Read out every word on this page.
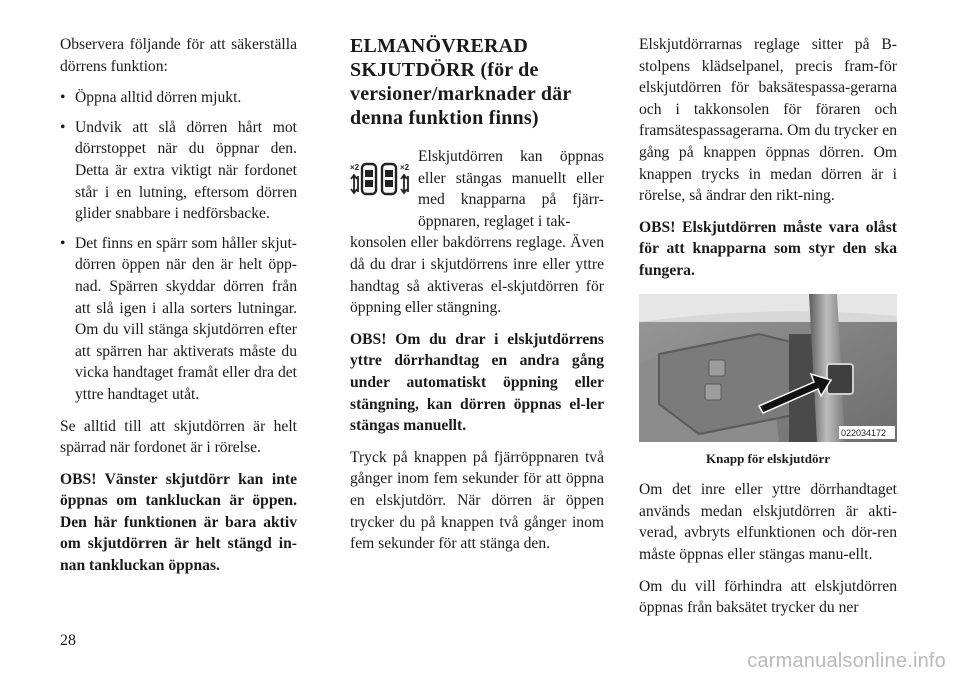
Observera följande för att säkerställa dörrens funktion:

• Öppna alltid dörren mjukt.
• Undvik att slå dörren hårt mot dörrstoppet när du öppnar den. Detta är extra viktigt när fordonet står i en lutning, eftersom dörren glider snabbare i nedförsbacke.
• Det finns en spärr som håller skjut-dörren öppen när den är helt öpp-nad. Spärren skyddar dörren från att slå igen i alla sorters lutningar. Om du vill stänga skjutdörren efter att spärren har aktiverats måste du vicka handtaget framåt eller dra det yttre handtaget utåt.

Se alltid till att skjutdörren är helt spärrad när fordonet är i rörelse.

OBS! Vänster skjutdörr kan inte öppnas om tankluckan är öppen. Den här funktionen är bara aktiv om skjutdörren är helt stängd in-nan tankluckan öppnas.

ELMANÖVRERAD SKJUTDÖRR (för de versioner/marknader där denna funktion finns)
×2	×2

Elskjutdörren kan öppnas eller stängas manuellt eller med knapparna på fjärr-öppnaren, reglaget i tak-

konsolen eller bakdörrens reglage. Även då du drar i skjutdörrens inre eller yttre handtag så aktiveras el-skjutdörren för öppning eller stängning.

OBS! Om du drar i elskjutdörrens yttre dörrhandtag en andra gång under automatiskt öppning eller stängning, kan dörren öppnas el-ler stängas manuellt.

Tryck på knappen på fjärröppnaren två gånger inom fem sekunder för att öppna en elskjutdörr. När dörren är öppen trycker du på knappen två gånger inom fem sekunder för att stänga den.

Elskjutdörrarnas reglage sitter på B-stolpens klädselpanel, precis fram-för elskjutdörren för baksätespassa-gerarna och i takkonsolen för föraren och framsätespassagerarna. Om du trycker en gång på knappen öppnas dörren. Om knappen trycks in medan dörren är i rörelse, så ändrar den rikt-ning.

OBS! Elskjutdörren måste vara olåst för att knapparna som styr den ska fungera.

022034172
Knapp för elskjutdörr

Om det inre eller yttre dörrhandtaget används medan elskjutdörren är akti-verad, avbryts elfunktionen och dör-ren måste öppnas eller stängas manu-ellt.

Om du vill förhindra att elskjutdörren öppnas från baksätet trycker du ner

28
carmanualsonline.info
